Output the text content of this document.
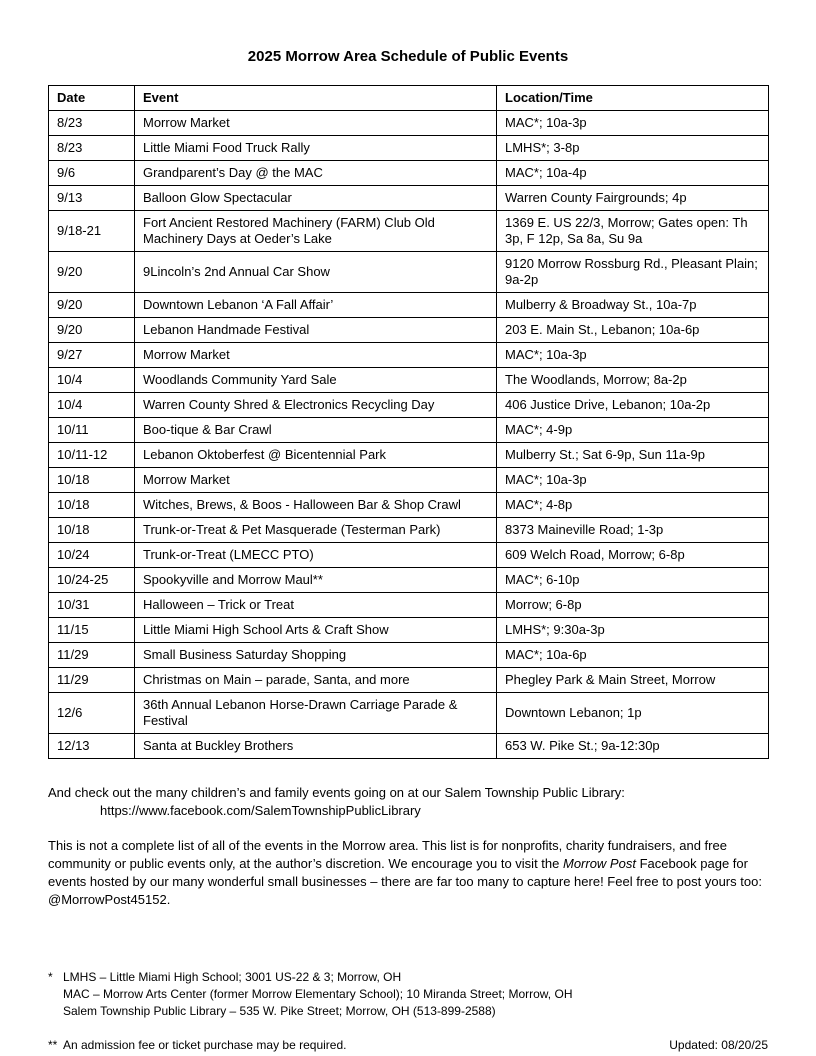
2025 Morrow Area Schedule of Public Events
Date	Event	Location/Time
8/23	Morrow Market	MAC*; 10a-3p
8/23	Little Miami Food Truck Rally	LMHS*; 3-8p
9/6	Grandparent’s Day @ the MAC	MAC*; 10a-4p
9/13	Balloon Glow Spectacular	Warren County Fairgrounds; 4p
9/18-21	Fort Ancient Restored Machinery (FARM) Club Old Machinery Days at Oeder’s Lake	1369 E. US 22/3, Morrow; Gates open: Th 3p, F 12p, Sa 8a, Su 9a
9/20	9Lincoln’s 2nd Annual Car Show	9120 Morrow Rossburg Rd., Pleasant Plain; 9a-2p
9/20	Downtown Lebanon ‘A Fall Affair’	Mulberry & Broadway St., 10a-7p
9/20	Lebanon Handmade Festival	203 E. Main St., Lebanon; 10a-6p
9/27	Morrow Market	MAC*; 10a-3p
10/4	Woodlands Community Yard Sale	The Woodlands, Morrow; 8a-2p
10/4	Warren County Shred & Electronics Recycling Day	406 Justice Drive, Lebanon; 10a-2p
10/11	Boo-tique & Bar Crawl	MAC*; 4-9p
10/11-12	Lebanon Oktoberfest @ Bicentennial Park	Mulberry St.; Sat 6-9p, Sun 11a-9p
10/18	Morrow Market	MAC*; 10a-3p
10/18	Witches, Brews, & Boos - Halloween Bar & Shop Crawl	MAC*; 4-8p
10/18	Trunk-or-Treat & Pet Masquerade (Testerman Park)	8373 Maineville Road; 1-3p
10/24	Trunk-or-Treat (LMECC PTO)	609 Welch Road, Morrow; 6-8p
10/24-25	Spookyville and Morrow Maul**	MAC*; 6-10p
10/31	Halloween – Trick or Treat	Morrow; 6-8p
11/15	Little Miami High School Arts & Craft Show	LMHS*; 9:30a-3p
11/29	Small Business Saturday Shopping	MAC*; 10a-6p
11/29	Christmas on Main – parade, Santa, and more	Phegley Park & Main Street, Morrow
12/6	36th Annual Lebanon Horse-Drawn Carriage Parade & Festival	Downtown Lebanon; 1p
12/13	Santa at Buckley Brothers	653 W. Pike St.; 9a-12:30p
And check out the many children’s and family events going on at our Salem Township Public Library:
https://www.facebook.com/SalemTownshipPublicLibrary
This is not a complete list of all of the events in the Morrow area. This list is for nonprofits, charity fundraisers, and free community or public events only, at the author’s discretion. We encourage you to visit the Morrow Post Facebook page for events hosted by our many wonderful small businesses – there are far too many to capture here! Feel free to post yours too: @MorrowPost45152.
* LMHS – Little Miami High School; 3001 US-22 & 3; Morrow, OH
MAC – Morrow Arts Center (former Morrow Elementary School); 10 Miranda Street; Morrow, OH
Salem Township Public Library – 535 W. Pike Street; Morrow, OH (513-899-2588)
** An admission fee or ticket purchase may be required.	Updated: 08/20/25
